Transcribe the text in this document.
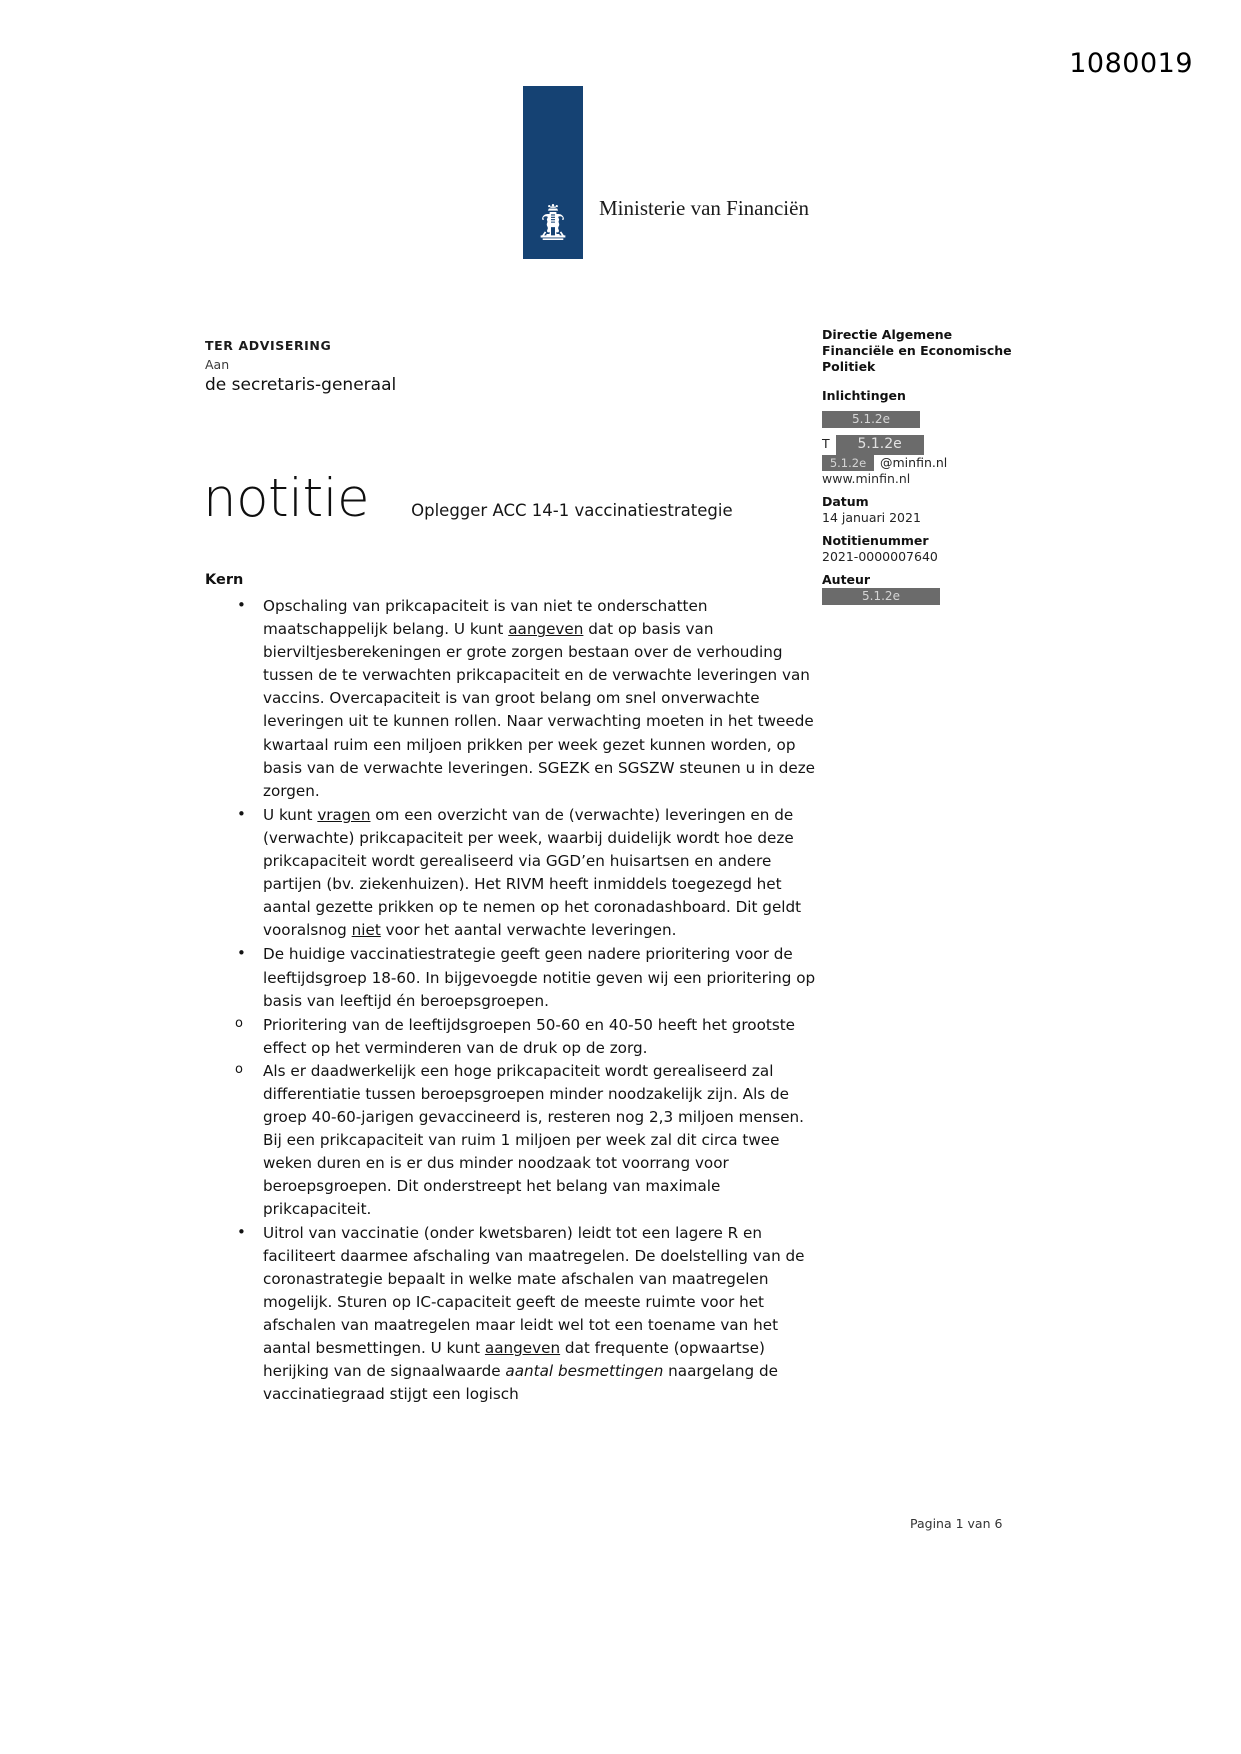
1080019
Ministerie van Financiën
TER ADVISERING
Aan
de secretaris-generaal
notitie	Oplegger ACC 14-1 vaccinatiestrategie
Directie Algemene
Financiële en Economische
Politiek
Inlichtingen
5.1.2e
T	5.1.2e
5.1.2e	@minfin.nl
www.minfin.nl
Datum
14 januari 2021
Notitienummer
2021-0000007640
Auteur
5.1.2e
Kern
• Opschaling van prikcapaciteit is van niet te onderschatten maatschappelijk belang. U kunt aangeven dat op basis van bierviltjesberekeningen er grote zorgen bestaan over de verhouding tussen de te verwachten prikcapaciteit en de verwachte leveringen van vaccins. Overcapaciteit is van groot belang om snel onverwachte leveringen uit te kunnen rollen. Naar verwachting moeten in het tweede kwartaal ruim een miljoen prikken per week gezet kunnen worden, op basis van de verwachte leveringen. SGEZK en SGSZW steunen u in deze zorgen.
• U kunt vragen om een overzicht van de (verwachte) leveringen en de (verwachte) prikcapaciteit per week, waarbij duidelijk wordt hoe deze prikcapaciteit wordt gerealiseerd via GGD’en huisartsen en andere partijen (bv. ziekenhuizen). Het RIVM heeft inmiddels toegezegd het aantal gezette prikken op te nemen op het coronadashboard. Dit geldt vooralsnog niet voor het aantal verwachte leveringen.
• De huidige vaccinatiestrategie geeft geen nadere prioritering voor de leeftijdsgroep 18-60. In bijgevoegde notitie geven wij een prioritering op basis van leeftijd én beroepsgroepen.
o Prioritering van de leeftijdsgroepen 50-60 en 40-50 heeft het grootste effect op het verminderen van de druk op de zorg.
o Als er daadwerkelijk een hoge prikcapaciteit wordt gerealiseerd zal differentiatie tussen beroepsgroepen minder noodzakelijk zijn. Als de groep 40-60-jarigen gevaccineerd is, resteren nog 2,3 miljoen mensen. Bij een prikcapaciteit van ruim 1 miljoen per week zal dit circa twee weken duren en is er dus minder noodzaak tot voorrang voor beroepsgroepen. Dit onderstreept het belang van maximale prikcapaciteit.
• Uitrol van vaccinatie (onder kwetsbaren) leidt tot een lagere R en faciliteert daarmee afschaling van maatregelen. De doelstelling van de coronastrategie bepaalt in welke mate afschalen van maatregelen mogelijk. Sturen op IC-capaciteit geeft de meeste ruimte voor het afschalen van maatregelen maar leidt wel tot een toename van het aantal besmettingen. U kunt aangeven dat frequente (opwaartse) herijking van de signaalwaarde aantal besmettingen naargelang de vaccinatiegraad stijgt een logisch
Pagina 1 van 6
